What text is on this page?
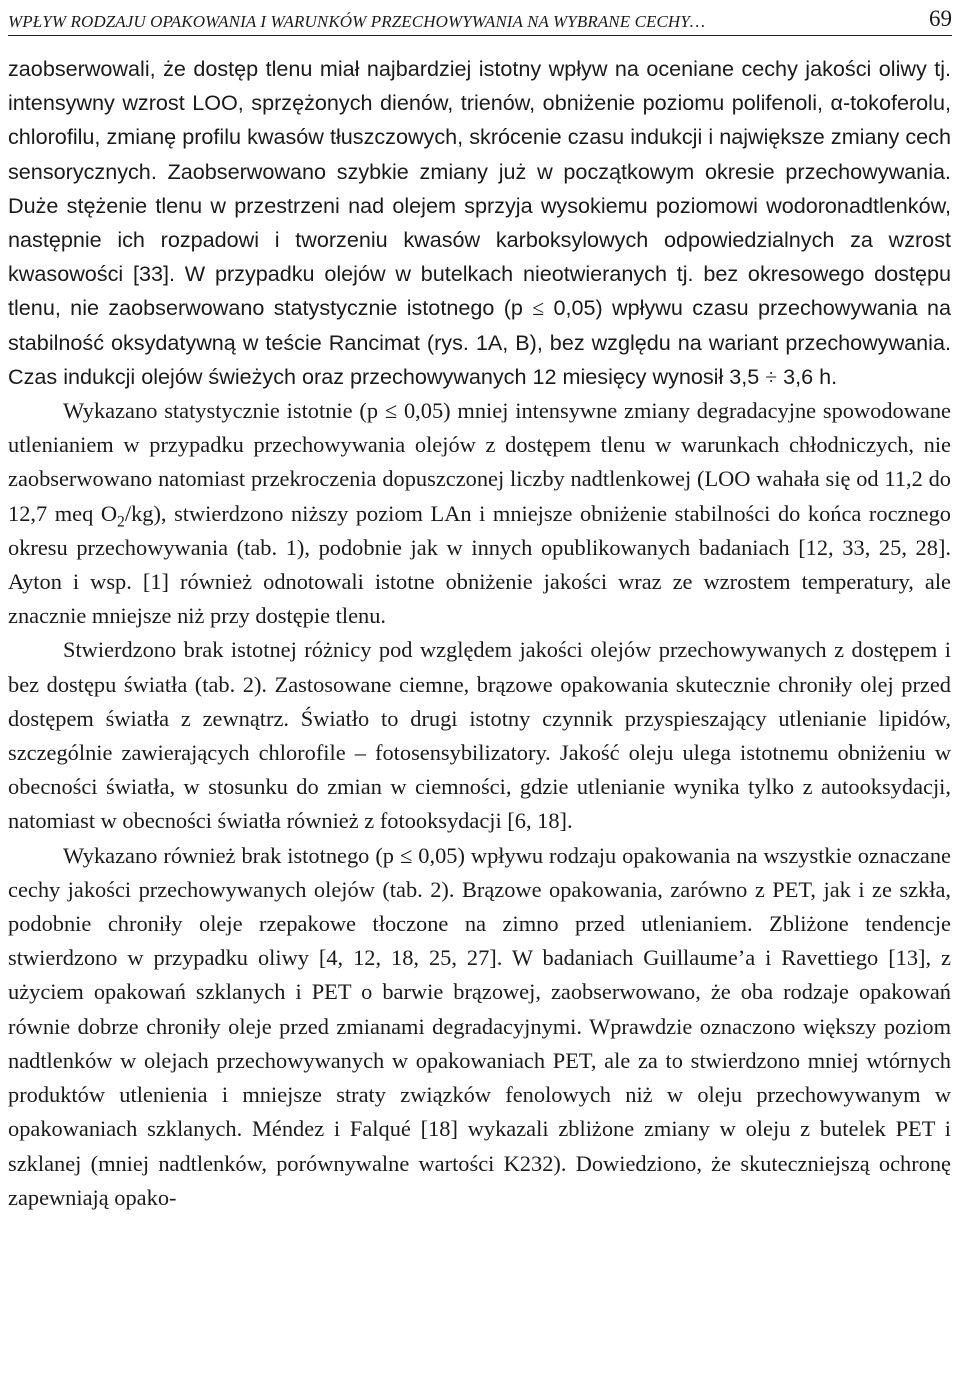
WPŁYW RODZAJU OPAKOWANIA I WARUNKÓW PRZECHOWYWANIA NA WYBRANE CECHY…	69

zaobserwowali, że dostęp tlenu miał najbardziej istotny wpływ na oceniane cechy jakości oliwy tj. intensywny wzrost LOO, sprzężonych dienów, trienów, obniżenie poziomu polifenoli, α-tokoferolu, chlorofilu, zmianę profilu kwasów tłuszczowych, skrócenie czasu indukcji i największe zmiany cech sensorycznych. Zaobserwowano szybkie zmiany już w początkowym okresie przechowywania. Duże stężenie tlenu w przestrzeni nad olejem sprzyja wysokiemu poziomowi wodoronadtlenków, następnie ich rozpadowi i tworzeniu kwasów karboksylowych odpowiedzialnych za wzrost kwasowości [33]. W przypadku olejów w butelkach nieotwieranych tj. bez okresowego dostępu tlenu, nie zaobserwowano statystycznie istotnego (p ≤ 0,05) wpływu czasu przechowywania na stabilność oksydatywną w teście Rancimat (rys. 1A, B), bez względu na wariant przechowywania. Czas indukcji olejów świeżych oraz przechowywanych 12 miesięcy wynosił 3,5 ÷ 3,6 h.

Wykazano statystycznie istotnie (p ≤ 0,05) mniej intensywne zmiany degradacyjne spowodowane utlenianiem w przypadku przechowywania olejów z dostępem tlenu w warunkach chłodniczych, nie zaobserwowano natomiast przekroczenia dopuszczonej liczby nadtlenkowej (LOO wahała się od 11,2 do 12,7 meq $O_2/kg$), stwierdzono niższy poziom LAn i mniejsze obniżenie stabilności do końca rocznego okresu przechowywania (tab. 1), podobnie jak w innych opublikowanych badaniach [12, 33, 25, 28]. Ayton i wsp. [1] również odnotowali istotne obniżenie jakości wraz ze wzrostem temperatury, ale znacznie mniejsze niż przy dostępie tlenu.

Stwierdzono brak istotnej różnicy pod względem jakości olejów przechowywanych z dostępem i bez dostępu światła (tab. 2). Zastosowane ciemne, brązowe opakowania skutecznie chroniły olej przed dostępem światła z zewnątrz. Światło to drugi istotny czynnik przyspieszający utlenianie lipidów, szczególnie zawierających chlorofile – fotosensybilizatory. Jakość oleju ulega istotnemu obniżeniu w obecności światła, w stosunku do zmian w ciemności, gdzie utlenianie wynika tylko z autooksydacji, natomiast w obecności światła również z fotooksydacji [6, 18].

Wykazano również brak istotnego (p ≤ 0,05) wpływu rodzaju opakowania na wszystkie oznaczane cechy jakości przechowywanych olejów (tab. 2). Brązowe opakowania, zarówno z PET, jak i ze szkła, podobnie chroniły oleje rzepakowe tłoczone na zimno przed utlenianiem. Zbliżone tendencje stwierdzono w przypadku oliwy [4, 12, 18, 25, 27]. W badaniach Guillaume’a i Ravettiego [13], z użyciem opakowań szklanych i PET o barwie brązowej, zaobserwowano, że oba rodzaje opakowań równie dobrze chroniły oleje przed zmianami degradacyjnymi. Wprawdzie oznaczono większy poziom nadtlenków w olejach przechowywanych w opakowaniach PET, ale za to stwierdzono mniej wtórnych produktów utlenienia i mniejsze straty związków fenolowych niż w oleju przechowywanym w opakowaniach szklanych. Méndez i Falqué [18] wykazali zbliżone zmiany w oleju z butelek PET i szklanej (mniej nadtlenków, porównywalne wartości K232). Dowiedziono, że skuteczniejszą ochronę zapewniają opako-
